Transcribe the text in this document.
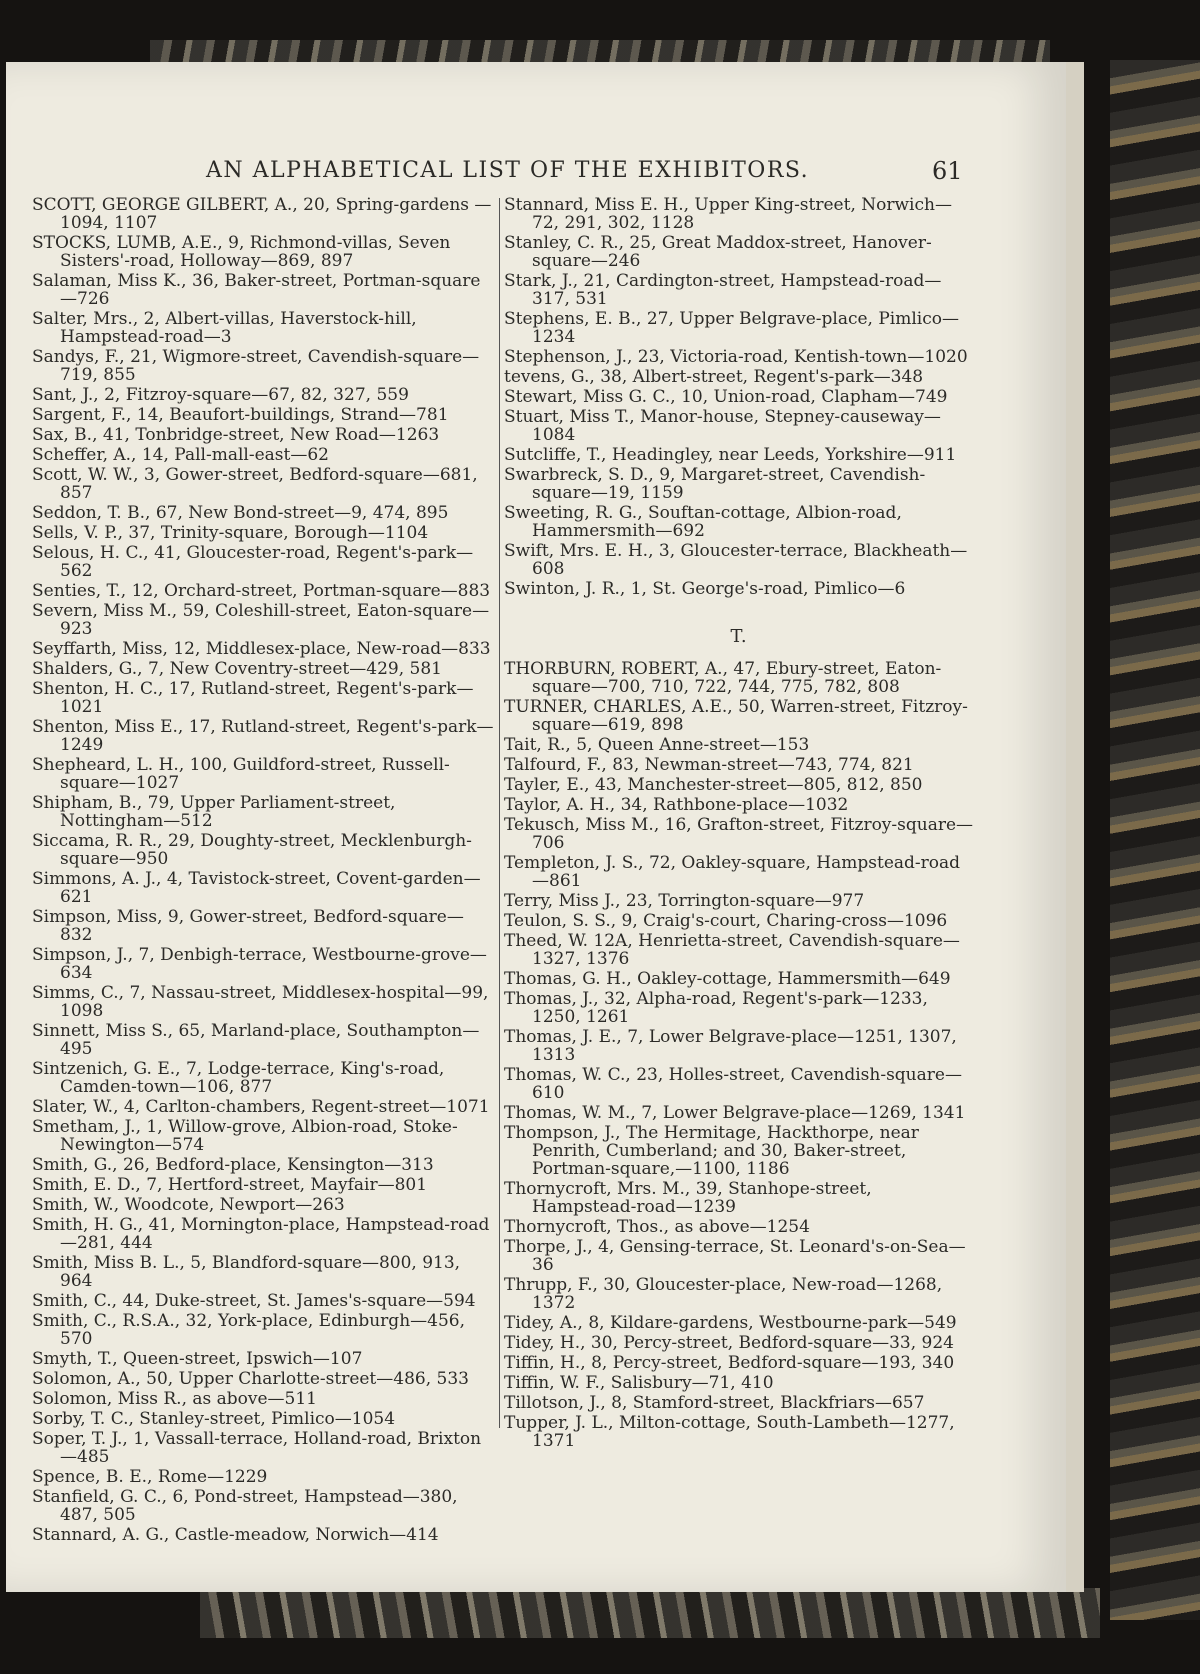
AN ALPHABETICAL LIST OF THE EXHIBITORS.	61
SCOTT, GEORGE GILBERT, A., 20, Spring-gardens —1094, 1107
STOCKS, LUMB, A.E., 9, Richmond-villas, Seven Sisters'-road, Holloway—869, 897
Salaman, Miss K., 36, Baker-street, Portman-square—726
Salter, Mrs., 2, Albert-villas, Haverstock-hill, Hampstead-road—3
Sandys, F., 21, Wigmore-street, Cavendish-square—719, 855
Sant, J., 2, Fitzroy-square—67, 82, 327, 559
Sargent, F., 14, Beaufort-buildings, Strand—781
Sax, B., 41, Tonbridge-street, New Road—1263
Scheffer, A., 14, Pall-mall-east—62
Scott, W. W., 3, Gower-street, Bedford-square—681, 857
Seddon, T. B., 67, New Bond-street—9, 474, 895
Sells, V. P., 37, Trinity-square, Borough—1104
Selous, H. C., 41, Gloucester-road, Regent's-park—562
Senties, T., 12, Orchard-street, Portman-square—883
Severn, Miss M., 59, Coleshill-street, Eaton-square—923
Seyffarth, Miss, 12, Middlesex-place, New-road—833
Shalders, G., 7, New Coventry-street—429, 581
Shenton, H. C., 17, Rutland-street, Regent's-park—1021
Shenton, Miss E., 17, Rutland-street, Regent's-park—1249
Shepheard, L. H., 100, Guildford-street, Russell-square—1027
Shipham, B., 79, Upper Parliament-street, Nottingham—512
Siccama, R. R., 29, Doughty-street, Mecklenburgh-square—950
Simmons, A. J., 4, Tavistock-street, Covent-garden—621
Simpson, Miss, 9, Gower-street, Bedford-square—832
Simpson, J., 7, Denbigh-terrace, Westbourne-grove—634
Simms, C., 7, Nassau-street, Middlesex-hospital—99, 1098
Sinnett, Miss S., 65, Marland-place, Southampton—495
Sintzenich, G. E., 7, Lodge-terrace, King's-road, Camden-town—106, 877
Slater, W., 4, Carlton-chambers, Regent-street—1071
Smetham, J., 1, Willow-grove, Albion-road, Stoke-Newington—574
Smith, G., 26, Bedford-place, Kensington—313
Smith, E. D., 7, Hertford-street, Mayfair—801
Smith, W., Woodcote, Newport—263
Smith, H. G., 41, Mornington-place, Hampstead-road—281, 444
Smith, Miss B. L., 5, Blandford-square—800, 913, 964
Smith, C., 44, Duke-street, St. James's-square—594
Smith, C., R.S.A., 32, York-place, Edinburgh—456, 570
Smyth, T., Queen-street, Ipswich—107
Solomon, A., 50, Upper Charlotte-street—486, 533
Solomon, Miss R., as above—511
Sorby, T. C., Stanley-street, Pimlico—1054
Soper, T. J., 1, Vassall-terrace, Holland-road, Brixton—485
Spence, B. E., Rome—1229
Stanfield, G. C., 6, Pond-street, Hampstead—380, 487, 505
Stannard, A. G., Castle-meadow, Norwich—414
Stannard, Miss E. H., Upper King-street, Norwich—72, 291, 302, 1128
Stanley, C. R., 25, Great Maddox-street, Hanover-square—246
Stark, J., 21, Cardington-street, Hampstead-road—317, 531
Stephens, E. B., 27, Upper Belgrave-place, Pimlico—1234
Stephenson, J., 23, Victoria-road, Kentish-town—1020
tevens, G., 38, Albert-street, Regent's-park—348
Stewart, Miss G. C., 10, Union-road, Clapham—749
Stuart, Miss T., Manor-house, Stepney-causeway—1084
Sutcliffe, T., Headingley, near Leeds, Yorkshire—911
Swarbreck, S. D., 9, Margaret-street, Cavendish-square—19, 1159
Sweeting, R. G., Souftan-cottage, Albion-road, Hammersmith—692
Swift, Mrs. E. H., 3, Gloucester-terrace, Blackheath—608
Swinton, J. R., 1, St. George's-road, Pimlico—6
T.
THORBURN, ROBERT, A., 47, Ebury-street, Eaton-square—700, 710, 722, 744, 775, 782, 808
TURNER, CHARLES, A.E., 50, Warren-street, Fitzroy-square—619, 898
Tait, R., 5, Queen Anne-street—153
Talfourd, F., 83, Newman-street—743, 774, 821
Tayler, E., 43, Manchester-street—805, 812, 850
Taylor, A. H., 34, Rathbone-place—1032
Tekusch, Miss M., 16, Grafton-street, Fitzroy-square—706
Templeton, J. S., 72, Oakley-square, Hampstead-road—861
Terry, Miss J., 23, Torrington-square—977
Teulon, S. S., 9, Craig's-court, Charing-cross—1096
Theed, W. 12A, Henrietta-street, Cavendish-square—1327, 1376
Thomas, G. H., Oakley-cottage, Hammersmith—649
Thomas, J., 32, Alpha-road, Regent's-park—1233, 1250, 1261
Thomas, J. E., 7, Lower Belgrave-place—1251, 1307, 1313
Thomas, W. C., 23, Holles-street, Cavendish-square—610
Thomas, W. M., 7, Lower Belgrave-place—1269, 1341
Thompson, J., The Hermitage, Hackthorpe, near Penrith, Cumberland; and 30, Baker-street, Portman-square,—1100, 1186
Thornycroft, Mrs. M., 39, Stanhope-street, Hampstead-road—1239
Thornycroft, Thos., as above—1254
Thorpe, J., 4, Gensing-terrace, St. Leonard's-on-Sea—36
Thrupp, F., 30, Gloucester-place, New-road—1268, 1372
Tidey, A., 8, Kildare-gardens, Westbourne-park—549
Tidey, H., 30, Percy-street, Bedford-square—33, 924
Tiffin, H., 8, Percy-street, Bedford-square—193, 340
Tiffin, W. F., Salisbury—71, 410
Tillotson, J., 8, Stamford-street, Blackfriars—657
Tupper, J. L., Milton-cottage, South-Lambeth—1277, 1371
